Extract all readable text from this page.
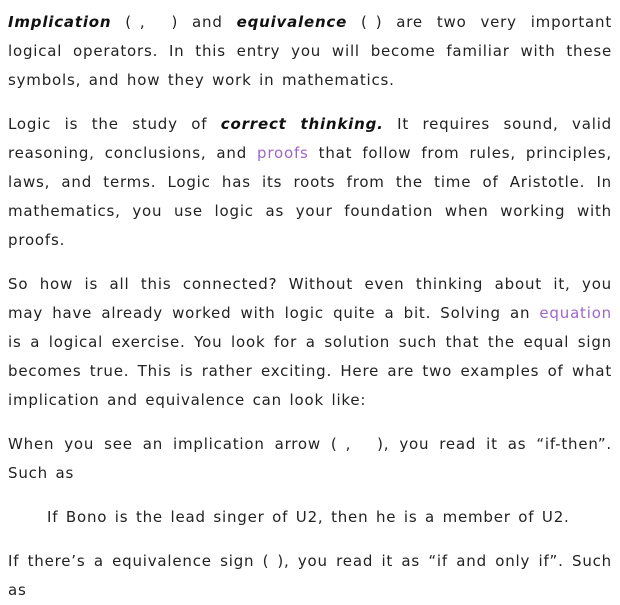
Implication ( , ) and equivalence ( ) are two very important logical operators. In this entry you will become familiar with these symbols, and how they work in mathematics.

Logic is the study of correct thinking. It requires sound, valid reasoning, conclusions, and proofs that follow from rules, principles, laws, and terms. Logic has its roots from the time of Aristotle. In mathematics, you use logic as your foundation when working with proofs.

So how is all this connected? Without even thinking about it, you may have already worked with logic quite a bit. Solving an equation is a logical exercise. You look for a solution such that the equal sign becomes true. This is rather exciting. Here are two examples of what implication and equivalence can look like:

When you see an implication arrow ( , ), you read it as “if-then”. Such as

If Bono is the lead singer of U2, then he is a member of U2.

If there’s a equivalence sign ( ), you read it as “if and only if”. Such as
